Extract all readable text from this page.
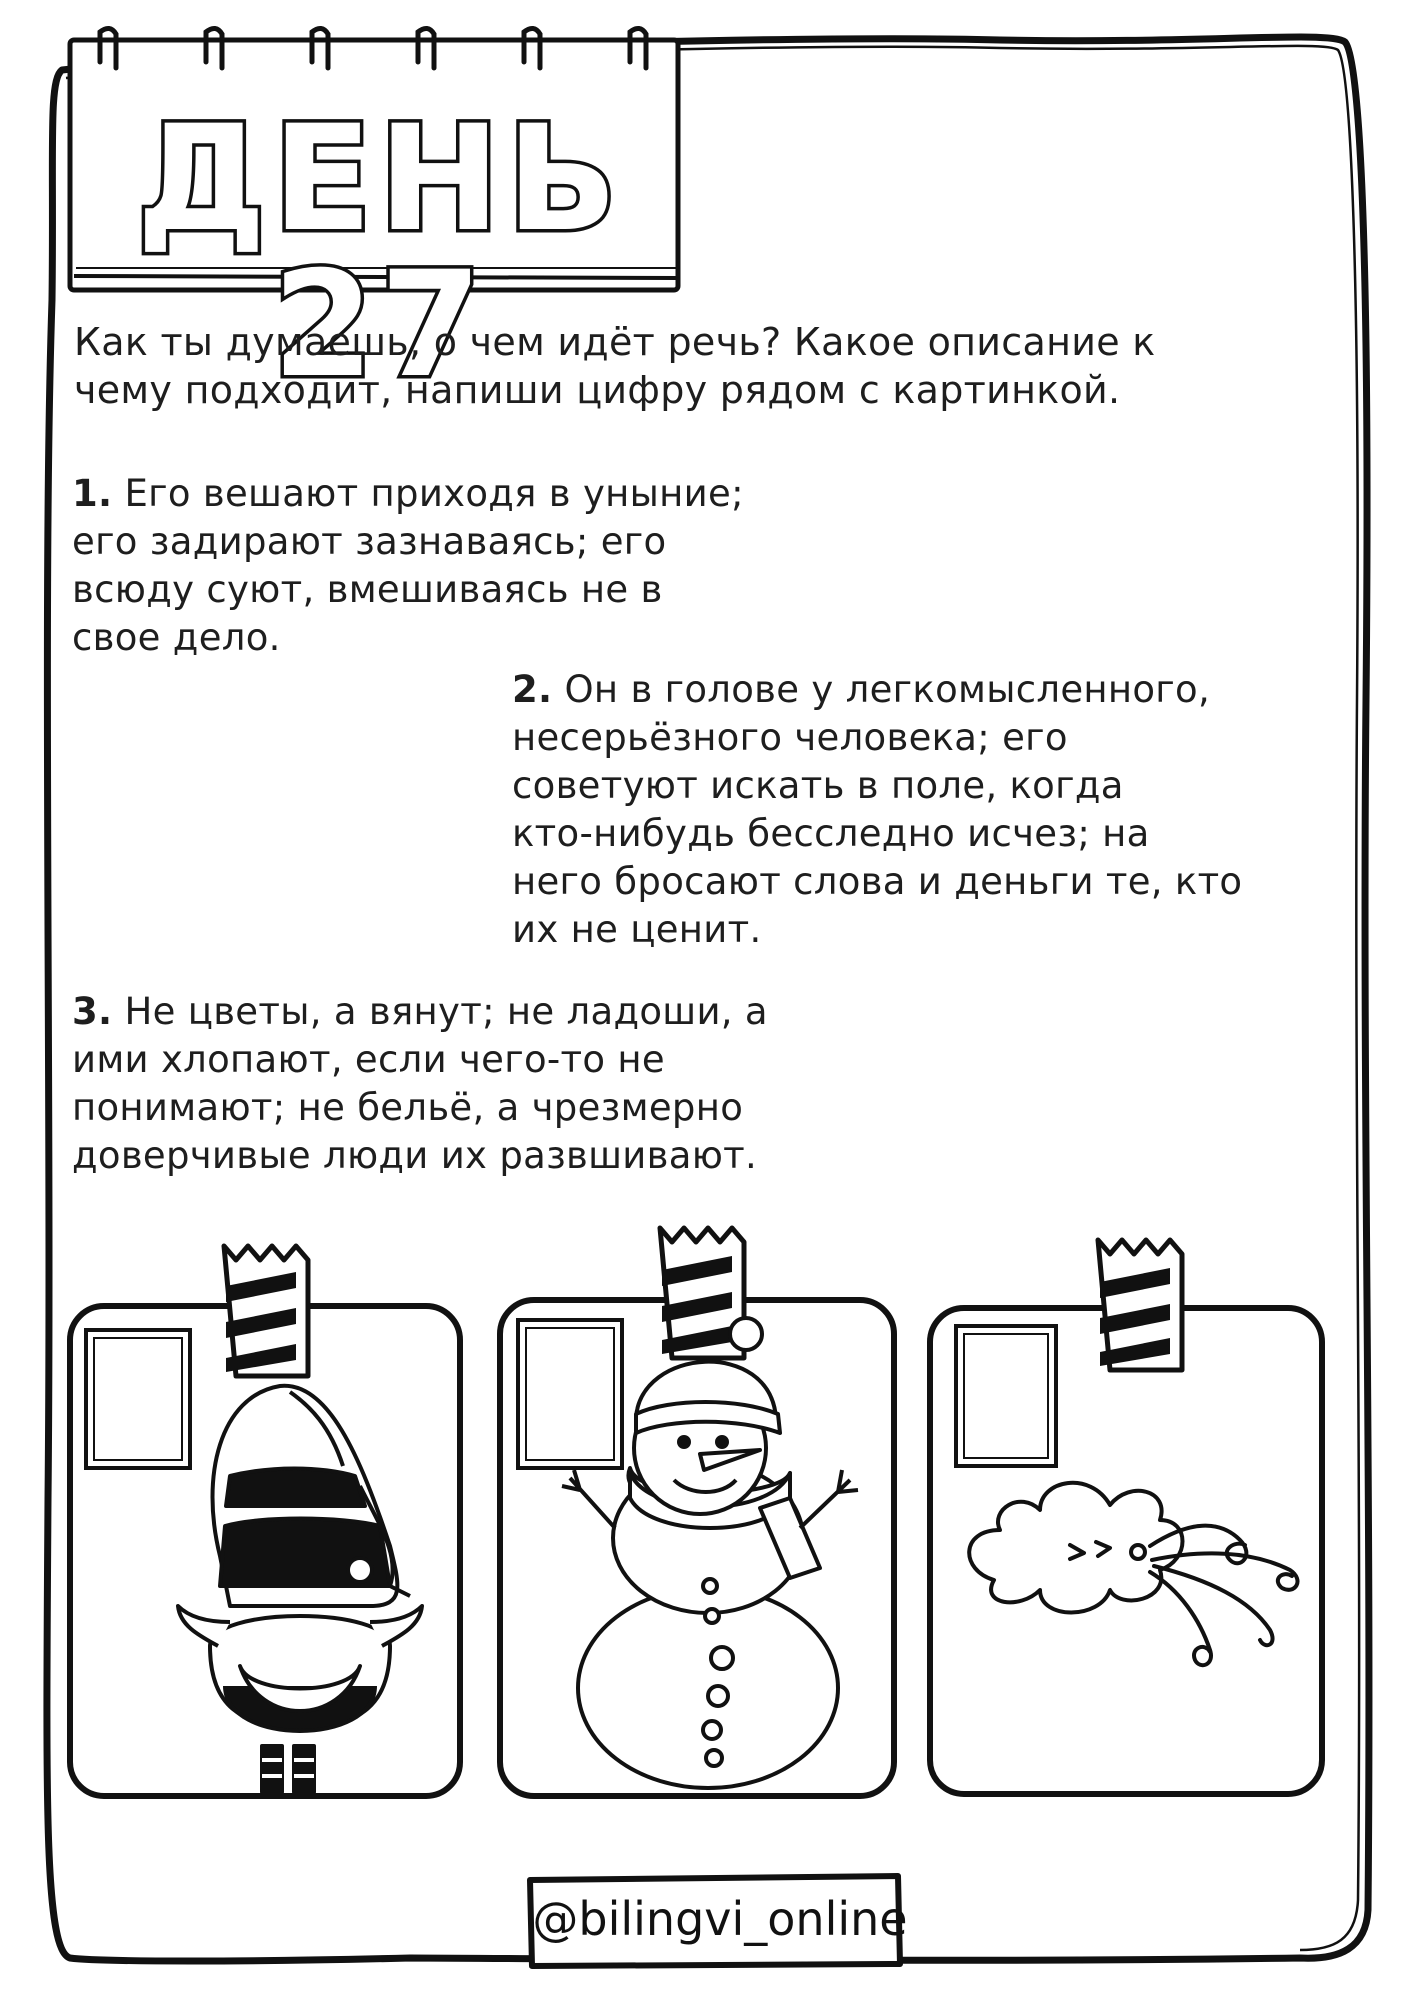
ДЕНЬ 27
Как ты думаешь, о чем идёт речь? Какое описание к
чему подходит, напиши цифру рядом с картинкой.
1. Его вешают приходя в уныние;
его задирают зазнаваясь; его
всюду суют, вмешиваясь не в
свое дело.
2. Он в голове у легкомысленного,
несерьёзного человека; его
советуют искать в поле, когда
кто-нибудь бесследно исчез; на
него бросают слова и деньги те, кто
их не ценит.
3. Не цветы, а вянут; не ладоши, а
ими хлопают, если чего-то не
понимают; не бельё, а чрезмерно
доверчивые люди их развшивают.
@bilingvi_online
